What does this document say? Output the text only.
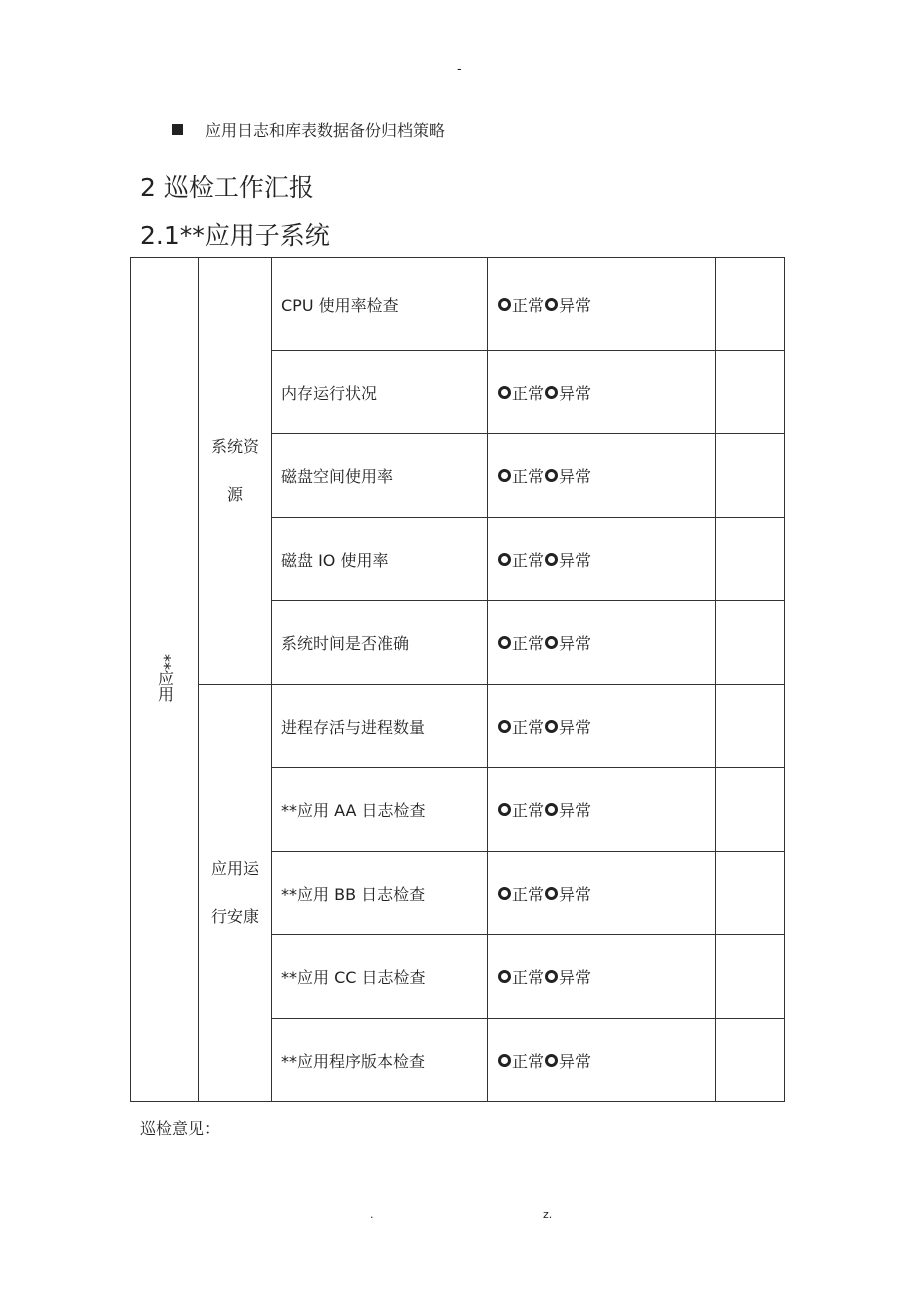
-
应用日志和库表数据备份归档策略
2 巡检工作汇报
2.1**应用子系统
**应用	系统资源	CPU 使用率检查	正常 异常	

		内存运行状况	正常 异常	

		磁盘空间使用率	正常 异常	

		磁盘 IO 使用率	正常 异常	

		系统时间是否准确	正常 异常	

	应用运行安康	进程存活与进程数量	正常 异常	

		**应用 AA 日志检查	正常 异常	

		**应用 BB 日志检查	正常 异常	

		**应用 CC 日志检查	正常 异常	

		**应用程序版本检查	正常 异常	

巡检意见：
.	z.
